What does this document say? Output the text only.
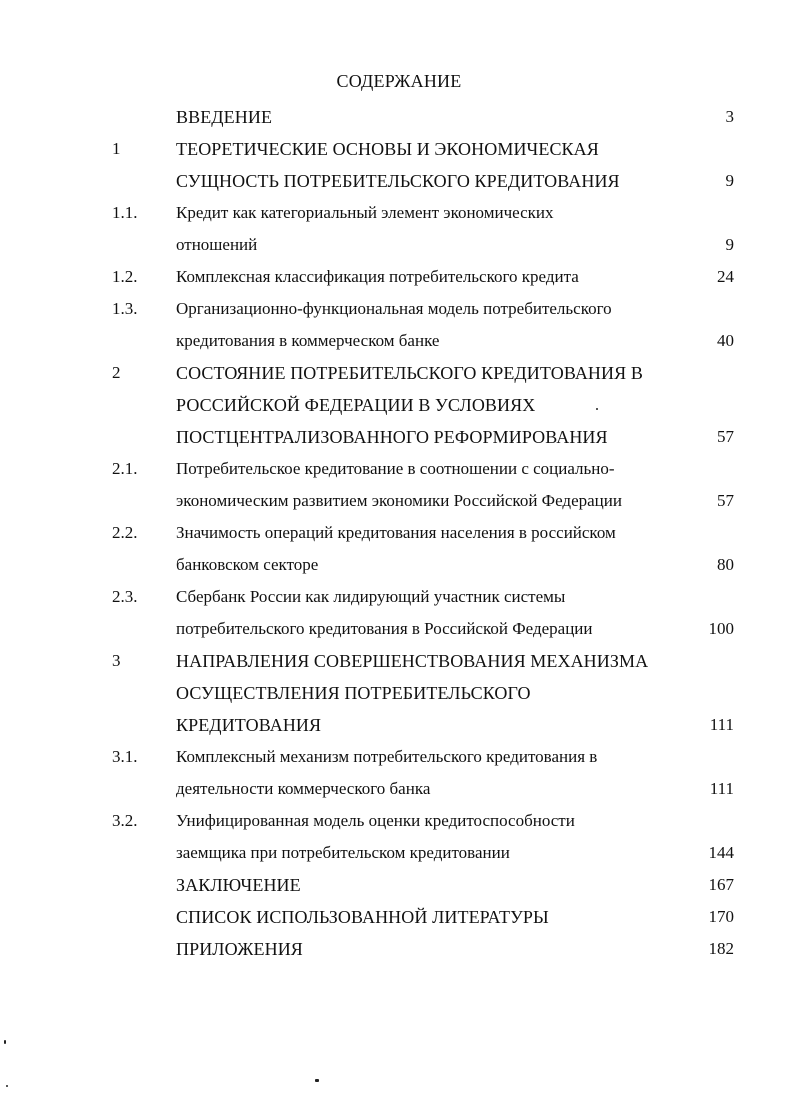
СОДЕРЖАНИЕ
ВВЕДЕНИЕ	3
1	ТЕОРЕТИЧЕСКИЕ ОСНОВЫ И ЭКОНОМИЧЕСКАЯ
СУЩНОСТЬ ПОТРЕБИТЕЛЬСКОГО КРЕДИТОВАНИЯ	9
1.1. Кредит как категориальный элемент экономических
отношений	9
1.2. Комплексная классификация потребительского кредита	24
1.3. Организационно-функциональная модель потребительского
кредитования в коммерческом банке	40
2	СОСТОЯНИЕ ПОТРЕБИТЕЛЬСКОГО КРЕДИТОВАНИЯ В
РОССИЙСКОЙ ФЕДЕРАЦИИ В УСЛОВИЯХ
ПОСТЦЕНТРАЛИЗОВАННОГО РЕФОРМИРОВАНИЯ	57
2.1. Потребительское кредитование в соотношении с социально-
экономическим развитием экономики Российской Федерации	57
2.2. Значимость операций кредитования населения в российском
банковском секторе	80
2.3. Сбербанк России как лидирующий участник системы
потребительского кредитования в Российской Федерации	100
3	НАПРАВЛЕНИЯ СОВЕРШЕНСТВОВАНИЯ МЕХАНИЗМА
ОСУЩЕСТВЛЕНИЯ ПОТРЕБИТЕЛЬСКОГО
КРЕДИТОВАНИЯ	111
3.1. Комплексный механизм потребительского кредитования в
деятельности коммерческого банка	111
3.2. Унифицированная модель оценки кредитоспособности
заемщика при потребительском кредитовании	144
ЗАКЛЮЧЕНИЕ	167
СПИСОК ИСПОЛЬЗОВАННОЙ ЛИТЕРАТУРЫ	170
ПРИЛОЖЕНИЯ	182
